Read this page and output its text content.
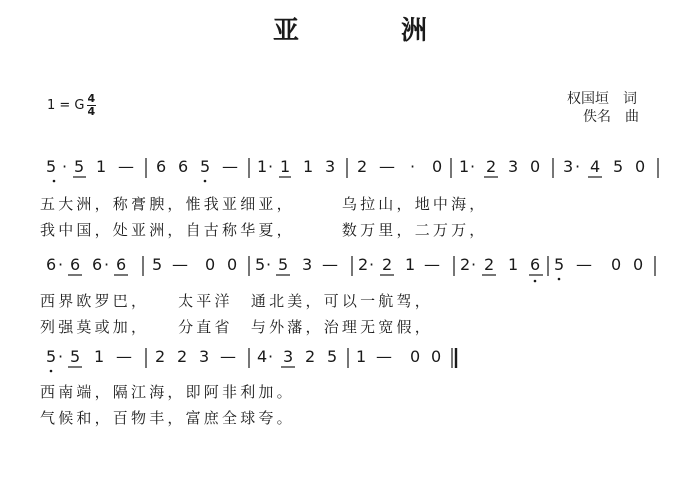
亚　洲
1 = G $\frac{4}{4}$	权国垣　词
佚名　曲
5 · 5 1 — 6 6 5 — 1 · 1 1 3 2 — · 0 1 · 2 3 0 3 · 4 5 0
6 · 6 6 · 6 5 — 0 0 5 · 5 3 — 2 · 2 1 — 2 · 2 1 6 5 — 0 0
5 · 5 1 — 2 2 3 — 4 · 3 2 5 1 — 0 0
五大洲，称膏腴，惟我亚细亚，　　　乌拉山，地中海，
我中国，处亚洲，自古称华夏，　　　数万里，二万万，
西界欧罗巴，　　太平洋　通北美，可以一航驾，
列强莫或加，　　分直省　与外藩，治理无宽假，
西南端，隔江海，即阿非利加。
气候和，百物丰，富庶全球夸。
